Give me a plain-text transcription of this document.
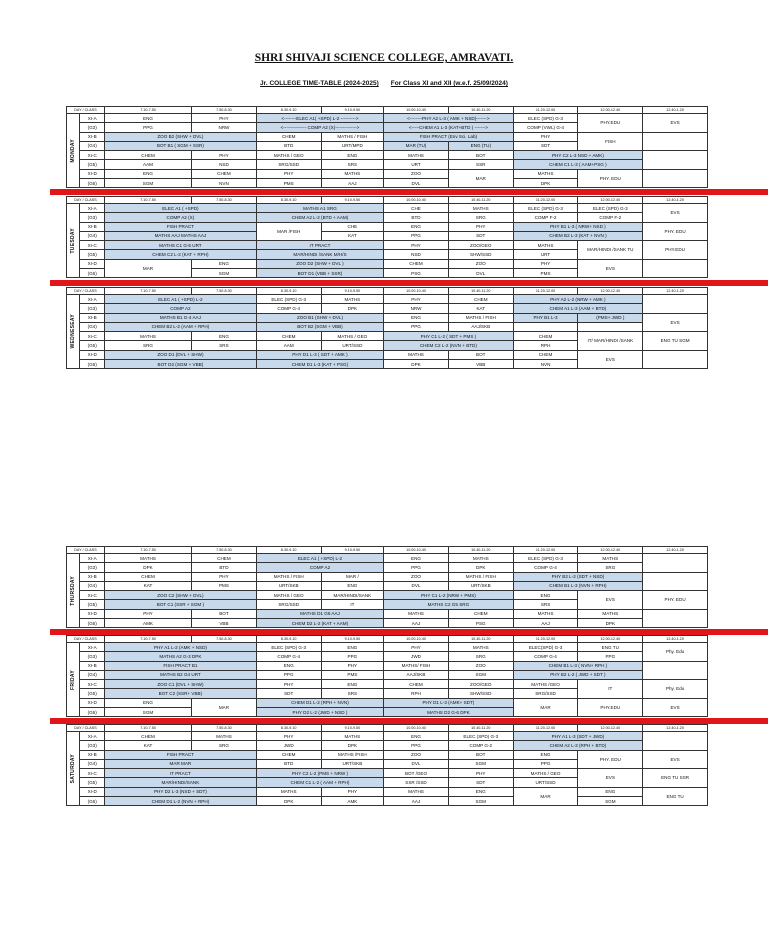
SHRI SHIVAJI SCIENCE COLLEGE, AMRAVATI.
Jr. COLLEGE TIME-TABLE (2024-2025) For Class XI and XII (w.e.f. 25/09/2024)
DAY / CLASS		7.10-7.50	7.50-8.30	8.30-9.10	9.10-9.50	10.00-10.40	10.40-11.20	11.20-12.00	12.00-12.40	12.40-1.20

MONDAY	XI-A	ENG	PHY	<--------ELEC A1( +SPD) L-2 ---------->		<--------PHY A2 L-3 ( AMK + NSD)------->		ELEC (SPD) G-3	PHY.EDU	EVS
	(G3)	PPG	NRW	<--------------- COMP A2 (X)-------------->		<-----CHEM A1 L-3 (KAT+BTD ) ------->		COMP (VWL) G-4		
	XI-B	ZOO B2 (SHW + DVL)		CHEM	MATHS / FISH	FISH PRACT (Env Sci. Lab)		PHY	FISH	
	(G4)	BOT B1 ( SGM + SSR)		BTD	URT/MPD	MAR (TU)	ENG (TU)	SDT		
	XI-C	CHEM	PHY	MATHS / GEO	ENG	MATHS	BOT	PHY C2 L-3 NSD + AMK)		
	(G5)	AAM	NSD	SRG/SSD	SRS	URT	SSR	CHEM C1 L-3 ( AAM+PSG )		
	XI-D	ENG	CHEM	PHY	MATHS	ZOO	MAR	MATHS	PHY. EDU	
	(G6)	SGM	NVN	PMS	AAJ	DVL		DPK		
DAY / CLASS		7.10-7.50	7.50-8.30	8.30-9.10	9.10-9.50	10.00-10.40	10.40-11.20	11.20-12.00	12.00-12.40	12.40-1.20

TUESDAY	XI-A	ELEC A1 ( +SPD)		MATHS A1 SRG		CHE	MATHS	ELEC (SPD) G-3	ELEC (SPD) G-3	EVS
	(G3)	COMP A2 (X)		CHEM A2 L-2 (BTD + AAM)		BTD	SRG	COMP F-2	COMP F-2	
	XI-B	FISH PRACT		MAR /FISH	CHE	ENG	PHY	PHY B1 L-3 ( NRW+ NSD )		PHY. EDU
	(G4)	MATHS AAJ MATHS AAJ			KAT	PPG	SDT	CHEM B2 L-3 (KAT + NVN )		
	XI-C	MATHS C1 G-5 URT		IT PRACT		PHY	ZOO/GEO	MATHS	MAR/HINDI /SANK TU	PHY.EDU
	(G5)	CHEM C2 L-2 (KAT + RPH)		MAR/HINDI /SANK M/H/S		NSD	SHW/SSD	URT		
	XI-D	MAR	ENG	ZOO D2 (SHW + DVL )		CHEM	ZOO	PHY	EVS	
	(G6)		SGM	BOT D1 (VBB + SSR)		PSG	DVL	PMS		
DAY / CLASS		7.10-7.50	7.50-8.30	8.30-9.10	9.10-9.50	10.00-10.40	10.40-11.20	11.20-12.00	12.00-12.40	12.40-1.20

WEDNESEAY	XI-A	ELEC A1 ( +SPD) L-2		ELEC (SPD) G-3	MATHS	PHY	CHEM	PHY A2 L-2 (NRW + AMK )		
	(G3)	COMP A2		COMP G-4	DPK	NRW	KAT	CHEM A1 L-3 (AAM + BTD)		
	XI-B	MATHS B1 G-4 AAJ		ZOO B1 (SHW + DVL)		ENG	MATHS / FISH	PHY B1 L-3	(PMS+ JWD )	EVS
	(G4)	CHEM B2 L-2 (AAM + RPH)		BOT B2 (SGM + VBB)		PPG	AAJ/SKB			
	XI-C	MATHS	ENG	CHEM	MATHS / GEO	PHY C1 L-2 ( SDT + PMS )		CHEM	IT/ MAR/HINDI /SANK	ENG TU SGM
	(G5)	SRG	SRS	AAM	URT/SSD	CHEM C2 L-2 (NVN + BTD)		RPH		
	XI-D	ZOO D1 (DVL + SHW)		PHY D1 L-3 ( SDT + AMK )		MATHS	BOT	CHEM	EVS	
	(G6)	BOT D2 (SGM + VBB)		CHEM D1 L-3 (KAT + PSG)		DPK	VBB	NVN		
DAY / CLASS		7.10-7.50	7.50-8.30	8.30-9.10	9.10-9.50	10.00-10.40	10.40-11.20	11.20-12.00	12.00-12.40	12.40-1.20

THURSDAY	XI-A	MATHS	CHEM	ELEC A1 ( +SPD) L-2		ENG	MATHS	ELEC (SPD) G-3	MATHS	
	(G3)	DPK	BTD	COMP A2		PPG	DPK	COMP G-4	SRG	
	XI-B	CHEM	PHY	MATHS / FISH	MAR /	ZOO	MATHS / FISH	PHY B2 L-2 (SDT + NSD)		
	(G4)	KAT	PMS	URT/SKB	ENG	DVL	URT/SKB	CHEM B1 L-3 (NVN + RPH)		
	XI-C	ZOO C2 (SHW + DVL)		MATHS / GEO	MAR/HINDI/SANK	PHY C1 L-2 (NRW + PMS)		ENG	EVS	PHY. EDU
	(G5)	BOT C1 (SSR + SGM )		SRG/SSD	IT	MATHS C2 G5 SRG		SRS		
	XI-D	PHY	BOT	MATHS D1 G6 AAJ		MATHS	CHEM	MATHS	MATHS	
	(G6)	AMK	VBB	CHEM D2 L-2 (KAT + AAM)		AAJ	PSG	AAJ	DPK	
DAY / CLASS		7.10-7.50	7.50-8.30	8.30-9.10	9.10-9.50	10.00-10.40	10.40-11.20	11.20-12.00	12.00-12.40	12.40-1.20

FRIDAY	XI-A	PHY A1 L-2 (AMK + NSD)		ELEC (SPD) G-3	ENG	PHY	MATHS	ELEC(SPD) G-3	ENG TU	Phy. Edu
	(G3)	MATHS A2 G-3 DPK		COMP G-4	PPG	JWD	SRG	COMP G-4	PPG	
	XI-B	FISH PRACT B1		ENG	PHY	MATHS/ FISH	ZOO	CHEM B1 L-3 ( NVN+ RPH )		
	(G4)	MATHS B2 G4 URT		PPG	PMS	AAJ/SKB	SGM	PHY B2 L-2 ( JWD + SDT )		
	XI-C	ZOO C1 (DVL + SHW)		PHY	ENG	CHEM	ZOO/GEO	MATHS /GEO	IT	Phy. Edu
	(G5)	BOT C2 (SSR+ VBB)		SDT	SRS	RPH	SHW/SSD	SRG/SSD		
	XI-D	ENG	MAR	CHEM D1 L-2 (RPH + NVN)		PHY D1 L-3 (AMK+ SDT)		MAR	PHY.EDU	EVS
	(G6)	SGM		PHY D2 L-2 (JWD + NSD )		MATHS D2 G-6 DPK				
DAY / CLASS		7.10-7.50	7.50-8.30	8.30-9.10	9.10-9.50	10.00-10.40	10.40-11.20	11.20-12.00	12.00-12.40	12.40-1.20

SATURDAY	XI-A	CHEM	MATHS	PHY	MATHS	ENG	ELEC (SPD) G-3	PHY A1 L-3 (SDT + JWD)		
	(G3)	KAT	SRG	JWD	DPK	PPG	COMP G-2	CHEM A2 L-3 (RPH + BTD)		
	XI-B	FISH PRACT		CHEM	MATHS /FISH	ZOO	BOT	ENG	PHY. EDU	EVS
	(G4)	MAR MAR		BTD	URT/SKB	DVL	SGM	PPG		
	XI-C	IT PRACT		PHY C2 L-2 (PMS + NRW )		BOT /GEO	PHY	MATHS / GEO	EVS	ENG TU SSR
	(G5)	MAR/HINDI/SANK		CHEM C1 L-2 ( AAM + RPH)		SSR /SSD	SDT	URT/SSD		
	XI-D	PHY D2 L-3 (NSD + SDT)		MATHS	PHY	MATHS	ENG	MAR	ENG	ENG TU
	(G6)	CHEM D1 L-2 (NVN + RPH)		DPK	AMK	AAJ	SGM		SGM	
